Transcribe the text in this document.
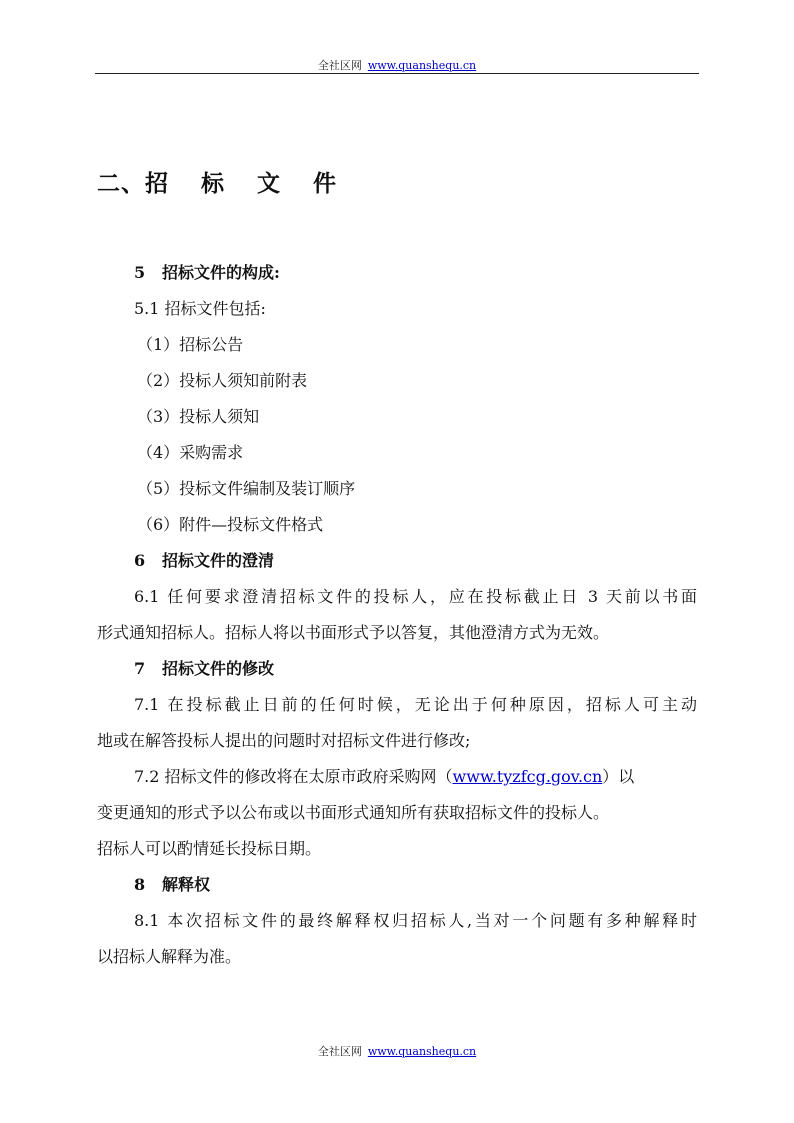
全社区网 www.quanshequ.cn
二、招 标 文 件
5 招标文件的构成:
5.1 招标文件包括:
（1）招标公告
（2）投标人须知前附表
（3）投标人须知
（4）采购需求
（5）投标文件编制及装订顺序
（6）附件—投标文件格式
6 招标文件的澄清
6.1 任何要求澄清招标文件的投标人，应在投标截止日 3 天前以书面
形式通知招标人。招标人将以书面形式予以答复，其他澄清方式为无效。
7 招标文件的修改
7.1 在投标截止日前的任何时候，无论出于何种原因，招标人可主动
地或在解答投标人提出的问题时对招标文件进行修改;
7.2 招标文件的修改将在太原市政府采购网（www.tyzfcg.gov.cn）以
变更通知的形式予以公布或以书面形式通知所有获取招标文件的投标人。
招标人可以酌情延长投标日期。
8 解释权
8.1 本次招标文件的最终解释权归招标人,当对一个问题有多种解释时
以招标人解释为准。
全社区网 www.quanshequ.cn
